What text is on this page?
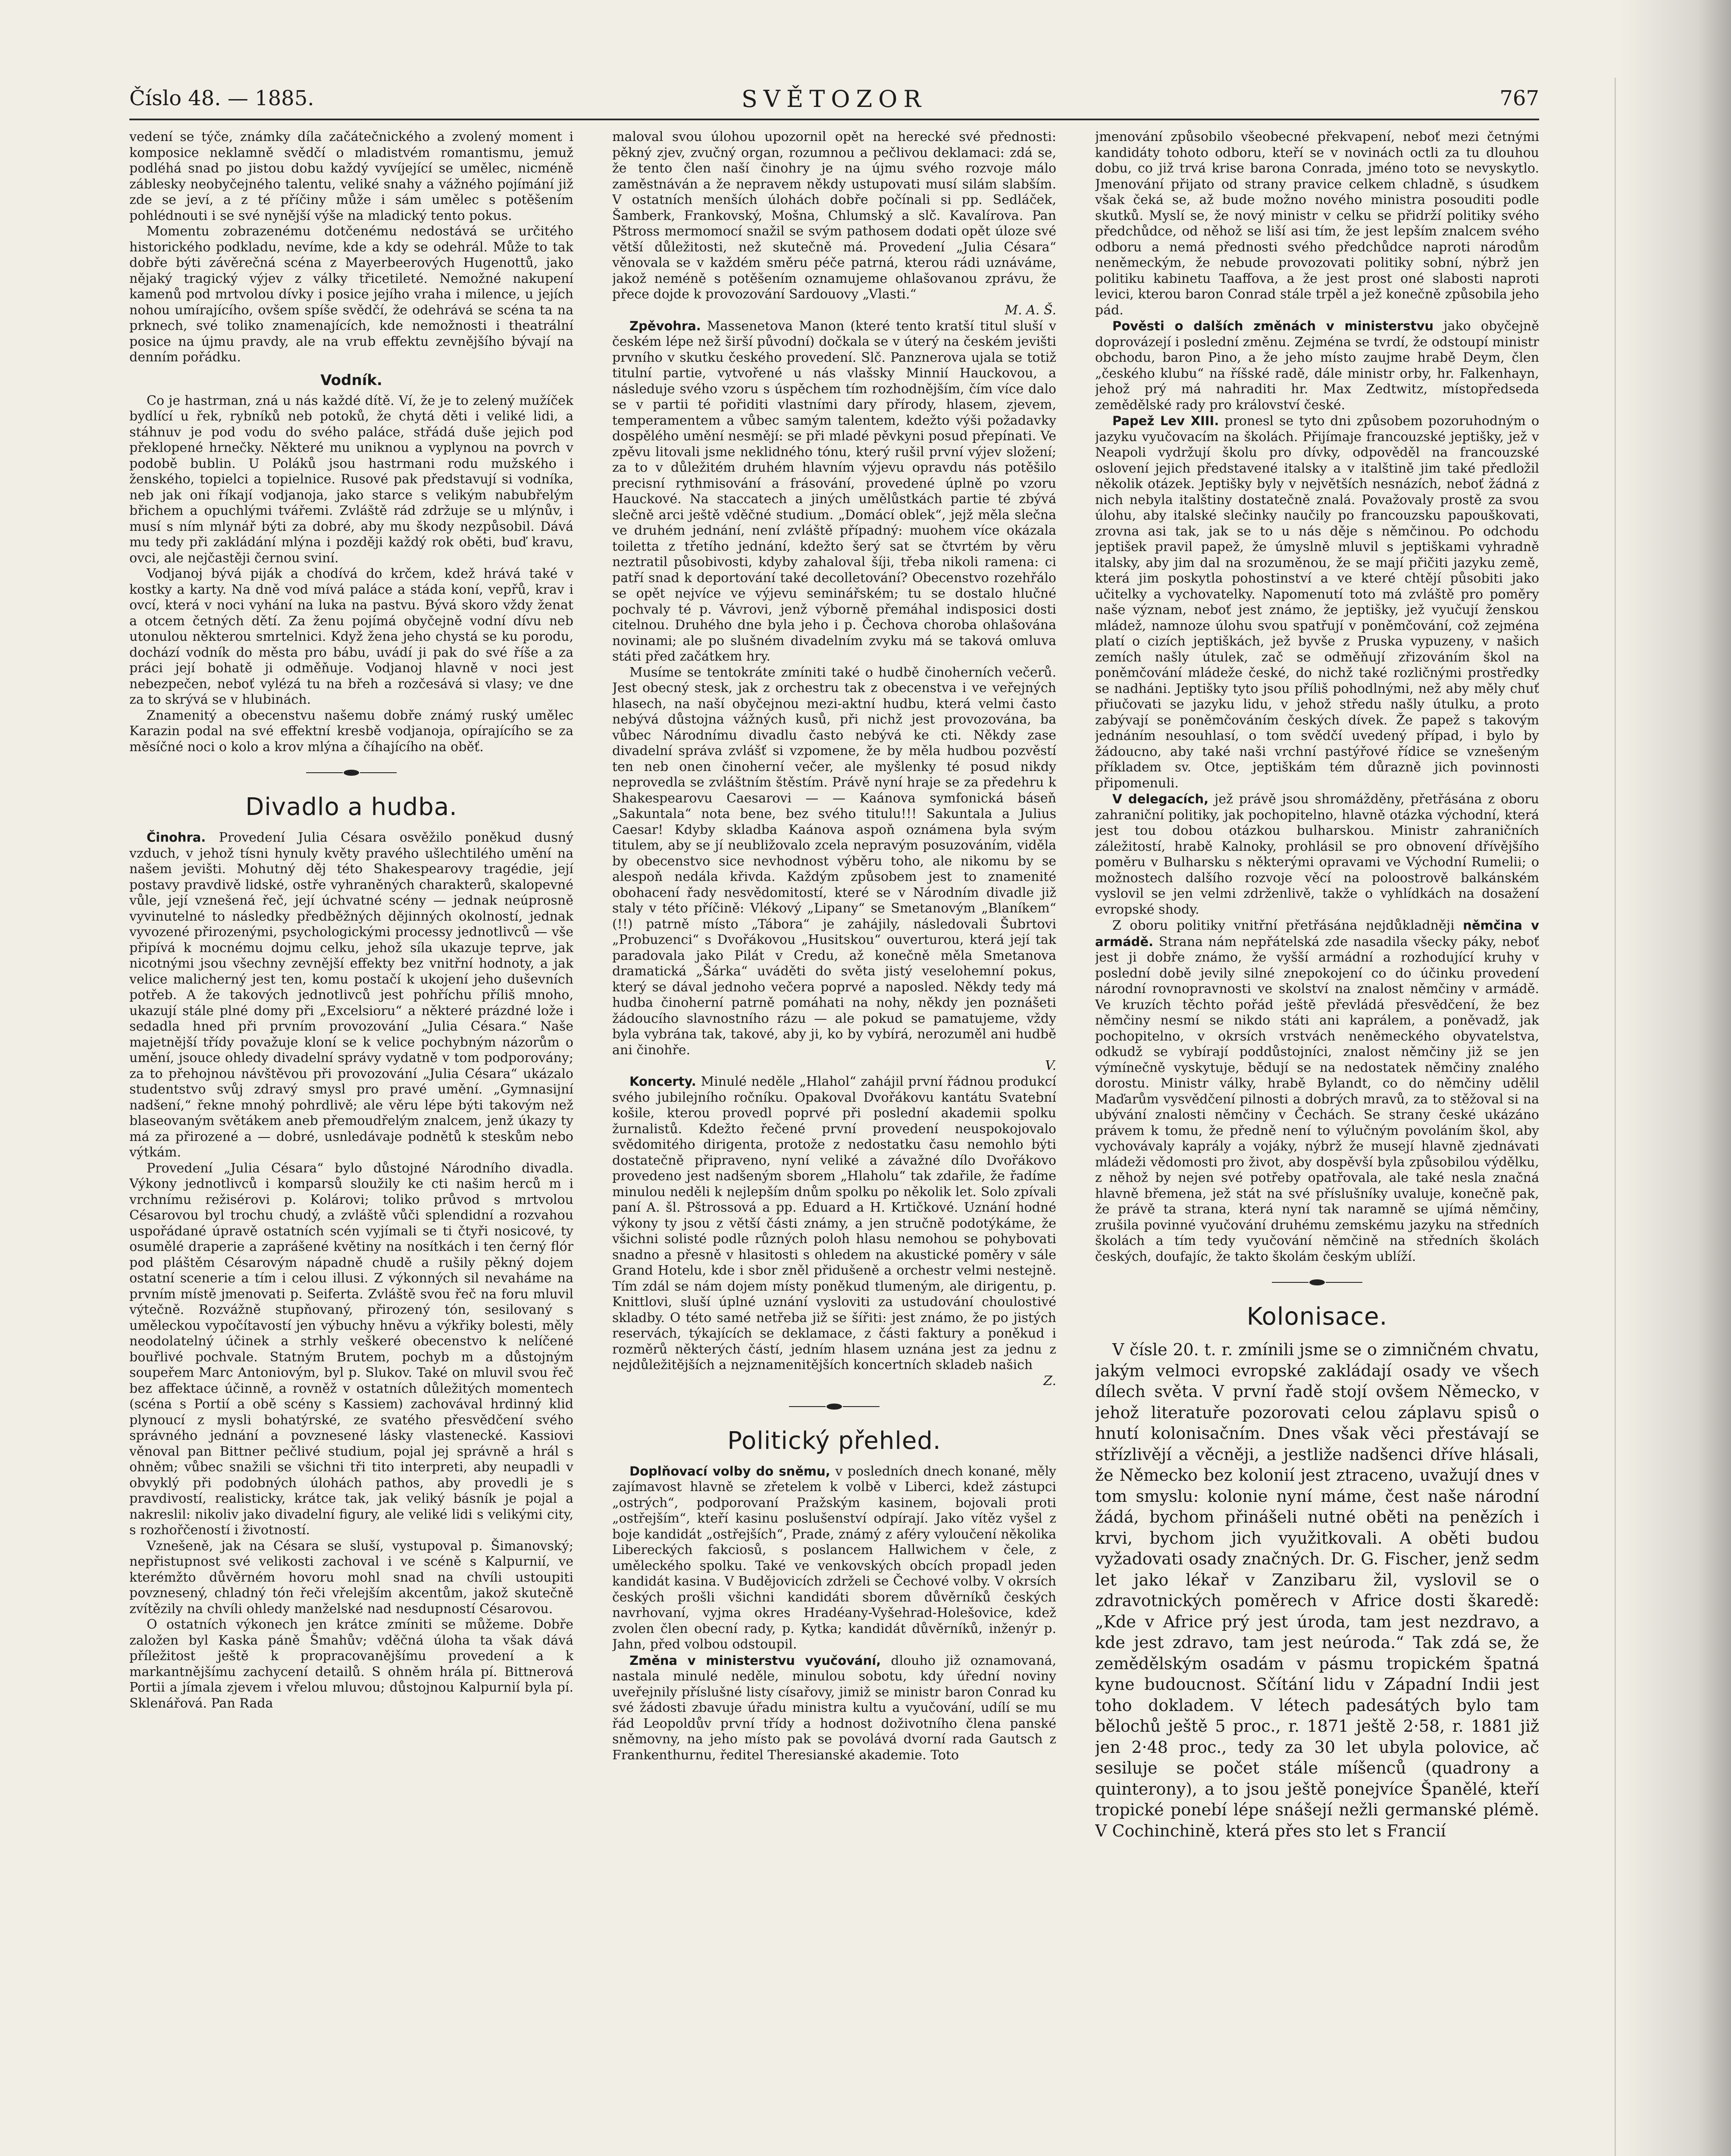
Číslo 48. — 1885.	SVĚTOZOR	767

vedení se týče, známky díla začátečnického a zvolený moment i komposice neklamně svědčí o mladistvém romantismu, jemuž podléhá snad po jistou dobu každý vyvíjející se umělec, nicméně záblesky neobyčejného talentu, veliké snahy a vážného pojímání již zde se jeví, a z té příčiny může i sám umělec s potěšením pohlédnouti i se své nynější výše na mladický tento pokus.

Momentu zobrazenému dotčenému nedostává se určitého historického podkladu, nevíme, kde a kdy se odehrál. Může to tak dobře býti závěrečná scéna z Mayerbeerových Hugenottů, jako nějaký tragický výjev z války třicetileté. Nemožné nakupení kamenů pod mrtvolou dívky i posice jejího vraha i milence, u jejích nohou umírajícího, ovšem spíše svědčí, že odehrává se scéna ta na prknech, své toliko znamenajících, kde nemožnosti i theatrální posice na újmu pravdy, ale na vrub effektu zevnějšího bývají na denním pořádku.

Vodník.

Co je hastrman, zná u nás každé dítě. Ví, že je to zelený mužíček bydlící u řek, rybníků neb potoků, že chytá děti i veliké lidi, a stáhnuv je pod vodu do svého paláce, střádá duše jejich pod překlopené hrnečky. Některé mu uniknou a vyplynou na povrch v podobě bublin. U Poláků jsou hastrmani rodu mužského i ženského, topielci a topielnice. Rusové pak představují si vodníka, neb jak oni říkají vodjanoja, jako starce s velikým nabubřelým břichem a opuchlými tvářemi. Zvláště rád zdržuje se u mlýnův, i musí s ním mlynář býti za dobré, aby mu škody nezpůsobil. Dává mu tedy při zakládání mlýna i později každý rok oběti, buď kravu, ovci, ale nejčastěji černou sviní.

Vodjanoj bývá piják a chodívá do krčem, kdež hrává také v kostky a karty. Na dně vod mívá paláce a stáda koní, vepřů, krav i ovcí, která v noci vyhání na luka na pastvu. Bývá skoro vždy ženat a otcem četných dětí. Za ženu pojímá obyčejně vodní dívu neb utonulou některou smrtelnici. Když žena jeho chystá se ku porodu, dochází vodník do města pro bábu, uvádí ji pak do své říše a za práci její bohatě ji odměňuje. Vodjanoj hlavně v noci jest nebezpečen, neboť vylézá tu na břeh a rozčesává si vlasy; ve dne za to skrývá se v hlubinách.

Znamenitý a obecenstvu našemu dobře známý ruský umělec Karazin podal na své effektní kresbě vodjanoja, opírajícího se za měsíčné noci o kolo a krov mlýna a číhajícího na oběť.

Divadlo a hudba.

Činohra. Provedení Julia Césara osvěžilo poněkud dusný vzduch, v jehož tísni hynuly květy pravého ušlechtilého umění na našem jevišti. Mohutný děj této Shakespearovy tragédie, její postavy pravdivě lidské, ostře vyhraněných charakterů, skalopevné vůle, její vznešená řeč, její úchvatné scény — jednak neúprosně vyvinutelné to následky předběžných dějinných okolností, jednak vyvozené přirozenými, psychologickými processy jednotlivců — vše připívá k mocnému dojmu celku, jehož síla ukazuje teprve, jak nicotnými jsou všechny zevnější effekty bez vnitřní hodnoty, a jak velice malicherný jest ten, komu postačí k ukojení jeho duševních potřeb. A že takových jednotlivců jest pohříchu příliš mnoho, ukazují stále plné domy při „Excelsioru“ a některé prázdné lože i sedadla hned při prvním provozování „Julia Césara.“ Naše majetnější třídy považuje kloní se k velice pochybným názorům o umění, jsouce ohledy divadelní správy vydatně v tom podporovány; za to přehojnou návštěvou při provozování „Julia Césara“ ukázalo studentstvo svůj zdravý smysl pro pravé umění. „Gymnasijní nadšení,“ řekne mnohý pohrdlivě; ale věru lépe býti takovým než blaseovaným světákem aneb přemoudřelým znalcem, jenž úkazy ty má za přirozené a — dobré, usnledávaje podnětů k steskům nebo výtkám.

Provedení „Julia Césara“ bylo důstojné Národního divadla. Výkony jednotlivců i komparsů sloužily ke cti našim herců m i vrchnímu režisérovi p. Kolárovi; toliko průvod s mrtvolou Césarovou byl trochu chudý, a zvláště vůči splendidní a rozvahou uspořádané úpravě ostatních scén vyjímali se ti čtyři nosicové, ty osumělé draperie a zaprášené květiny na nosítkách i ten černý flór pod pláštěm Césarovým nápadně chudě a rušily pěkný dojem ostatní scenerie a tím i celou illusi. Z výkonných sil nevaháme na prvním místě jmenovati p. Seiferta. Zvláště svou řeč na foru mluvil výtečně. Rozvážně stupňovaný, přirozený tón, sesilovaný s uměleckou vypočítavostí jen výbuchy hněvu a výkřiky bolesti, měly neodolatelný účinek a strhly veškeré obecenstvo k nelíčené bouřlivé pochvale. Statným Brutem, pochyb m a důstojným soupeřem Marc Antoniovým, byl p. Slukov. Také on mluvil svou řeč bez affektace účinně, a rovněž v ostatních důležitých momentech (scéna s Portií a obě scény s Kassiem) zachovával hrdinný klid plynoucí z mysli bohatýrské, ze svatého přesvědčení svého správného jednání a povznesené lásky vlastenecké. Kassiovi věnoval pan Bittner pečlivé studium, pojal jej správně a hrál s ohněm; vůbec snažili se všichni tři tito interpreti, aby neupadli v obvyklý při podobných úlohách pathos, aby provedli je s pravdivostí, realisticky, krátce tak, jak veliký básník je pojal a nakreslil: nikoliv jako divadelní figury, ale veliké lidi s velikými city, s rozhořčeností i životností.

Vznešeně, jak na Césara se sluší, vystupoval p. Šimanovský; nepřistupnost své velikosti zachoval i ve scéně s Kalpurnií, ve kterémžto důvěrném hovoru mohl snad na chvíli ustoupiti povznesený, chladný tón řeči vřelejším akcentům, jakož skutečně zvítězily na chvíli ohledy manželské nad nesdupností Césarovou.

O ostatních výkonech jen krátce zmíniti se můžeme. Dobře založen byl Kaska páně Šmahův; vděčná úloha ta však dává příležitost ještě k propracovanějšímu provedení a k markantnějšímu zachycení detailů. S ohněm hrála pí. Bittnerová Portii a jímala zjevem i vřelou mluvou; důstojnou Kalpurnií byla pí. Sklenářová. Pan Rada

maloval svou úlohou upozornil opět na herecké své přednosti: pěkný zjev, zvučný organ, rozumnou a pečlivou deklamaci: zdá se, že tento člen naší činohry je na újmu svého rozvoje málo zaměstnáván a že nepravem někdy ustupovati musí silám slabším. V ostatních menších úlohách dobře počínali si pp. Sedláček, Šamberk, Frankovský, Mošna, Chlumský a slč. Kavalírova. Pan Pštross mermomocí snažil se svým pathosem dodati opět úloze své větší důležitosti, než skutečně má. Provedení „Julia Césara“ věnovala se v každém směru péče patrná, kterou rádi uznáváme, jakož neméně s potěšením oznamujeme ohlašovanou zprávu, že přece dojde k provozování Sardouovy „Vlasti.“

M. A. Š.

Zpěvohra. Massenetova Manon (které tento kratší titul sluší v českém lépe než širší původní) dočkala se v úterý na českém jevišti prvního v skutku českého provedení. Slč. Panznerova ujala se totiž titulní partie, vytvořené u nás vlašsky Minnií Hauckovou, a následuje svého vzoru s úspěchem tím rozhodnějším, čím více dalo se v partii té pořiditi vlastními dary přírody, hlasem, zjevem, temperamentem a vůbec samým talentem, kdežto výši požadavky dospělého umění nesmějí: se při mladé pěvkyni posud přepínati. Ve zpěvu litovali jsme neklidného tónu, který rušil první výjev složení; za to v důležitém druhém hlavním výjevu opravdu nás potěšilo precisní rythmisování a frásování, provedené úplně po vzoru Hauckové. Na staccatech a jiných umělůstkách partie té zbývá slečně arci ještě vděčné studium. „Domácí oblek“, jejž měla slečna ve druhém jednání, není zvláště případný: muohem více okázala toiletta z třetího jednání, kdežto šerý sat se čtvrtém by věru neztratil působivosti, kdyby zahaloval šíji, třeba nikoli ramena: ci patří snad k deportování také decolletování? Obecenstvo rozehřálo se opět nejvíce ve výjevu seminářském; tu se dostalo hlučné pochvaly té p. Vávrovi, jenž výborně přemáhal indisposici dosti citelnou. Druhého dne byla jeho i p. Čechova choroba ohlašována novinami; ale po slušném divadelním zvyku má se taková omluva státi před začátkem hry.

Musíme se tentokráte zmíniti také o hudbě činoherních večerů. Jest obecný stesk, jak z orchestru tak z obecenstva i ve veřejných hlasech, na naší obyčejnou mezi-aktní hudbu, která velmi často nebývá důstojna vážných kusů, při nichž jest provozována, ba vůbec Národnímu divadlu často nebývá ke cti. Někdy zase divadelní správa zvlášť si vzpomene, že by měla hudbou pozvěstí ten neb onen činoherní večer, ale myšlenky té posud nikdy neprovedla se zvláštním štěstím. Právě nyní hraje se za předehru k Shakespearovu Caesarovi — — Kaánova symfonická báseň „Sakuntala“ nota bene, bez svého titulu!!! Sakuntala a Julius Caesar! Kdyby skladba Kaánova aspoň oznámena byla svým titulem, aby se jí neubližovalo zcela nepravým posuzováním, viděla by obecenstvo sice nevhodnost výběru toho, ale nikomu by se alespoň nedála křivda. Každým způsobem jest to znamenité obohacení řady nesvědomitostí, které se v Národním divadle již staly v této příčině: Vlékový „Lipany“ se Smetanovým „Blaníkem“ (!!) patrně místo „Tábora“ je zahájily, následovali Šubrtovi „Probuzenci“ s Dvořákovou „Husitskou“ ouverturou, která její tak paradovala jako Pilát v Credu, až konečně měla Smetanova dramatická „Šárka“ uváděti do světa jistý veselohemní pokus, který se dával jednoho večera poprvé a naposled. Někdy tedy má hudba činoherní patrně pomáhati na nohy, někdy jen poznášeti žádoucího slavnostního rázu — ale pokud se pamatujeme, vždy byla vybrána tak, takové, aby ji, ko by vybírá, nerozuměl ani hudbě ani činohře.

V.

Koncerty. Minulé neděle „Hlahol“ zahájil první řádnou produkcí svého jubilejního ročníku. Opakoval Dvořákovu kantátu Svatební košile, kterou provedl poprvé při poslední akademii spolku žurnalistů. Kdežto řečené první provedení neuspokojovalo svědomitého dirigenta, protože z nedostatku času nemohlo býti dostatečně připraveno, nyní veliké a závažné dílo Dvořákovo provedeno jest nadšeným sborem „Hlaholu“ tak zdařile, že řadíme minulou neděli k nejlepším dnům spolku po několik let. Solo zpívali paní A. šl. Pštrossová a pp. Eduard a H. Krtičkové. Uznání hodné výkony ty jsou z větší části známy, a jen stručně podotýkáme, že všichni solisté podle různých poloh hlasu nemohou se pohybovati snadno a přesně v hlasitosti s ohledem na akustické poměry v sále Grand Hotelu, kde i sbor zněl přidušeně a orchestr velmi nestejně. Tím zdál se nám dojem místy poněkud tlumeným, ale dirigentu, p. Knittlovi, sluší úplné uznání vysloviti za ustudování choulostivé skladby. O této samé netřeba již se šířiti: jest známo, že po jistých reservách, týkajících se deklamace, z části faktury a poněkud i rozměrů některých částí, jedním hlasem uznána jest za jednu z nejdůležitějších a nejznamenitějších koncertních skladeb našich

Z.

Politický přehled.

Doplňovací volby do sněmu, v posledních dnech konané, měly zajímavost hlavně se zřetelem k volbě v Liberci, kdež zástupci „ostrých“, podporovaní Pražským kasinem, bojovali proti „ostřejším“, kteří kasinu poslušenství odpírají. Jako vítěz vyšel z boje kandidát „ostřejších“, Prade, známý z aféry vyloučení několika Libereckých fakciosů, s poslancem Hallwichem v čele, z uměleckého spolku. Také ve venkovských obcích propadl jeden kandidát kasina. V Budějovicích zdrželi se Čechové volby. V okrsích českých prošli všichni kandidáti sborem důvěrníků českých navrhovaní, vyjma okres Hradéany-Vyšehrad-Holešovice, kdež zvolen člen obecní rady, p. Kytka; kandidát důvěrníků, inženýr p. Jahn, před volbou odstoupil.

Změna v ministerstvu vyučování, dlouho již oznamovaná, nastala minulé neděle, minulou sobotu, kdy úřední noviny uveřejnily příslušné listy císařovy, jimiž se ministr baron Conrad ku své žádosti zbavuje úřadu ministra kultu a vyučování, udílí se mu řád Leopoldův první třídy a hodnost doživotního člena panské sněmovny, na jeho místo pak se povolává dvorní rada Gautsch z Frankenthurnu, ředitel Theresianské akademie. Toto

jmenování způsobilo všeobecné překvapení, neboť mezi četnými kandidáty tohoto odboru, kteří se v novinách octli za tu dlouhou dobu, co již trvá krise barona Conrada, jméno toto se nevyskytlo. Jmenování přijato od strany pravice celkem chladně, s úsudkem však čeká se, až bude možno nového ministra posouditi podle skutků. Myslí se, že nový ministr v celku se přidrží politiky svého předchůdce, od něhož se liší asi tím, že jest lepším znalcem svého odboru a nemá přednosti svého předchůdce naproti národům neněmeckým, že nebude provozovati politiky sobní, nýbrž jen politiku kabinetu Taaffova, a že jest prost oné slabosti naproti levici, kterou baron Conrad stále trpěl a jež konečně způsobila jeho pád.

Pověsti o dalších změnách v ministerstvu jako obyčejně doprovázejí i poslední změnu. Zejména se tvrdí, že odstoupí ministr obchodu, baron Pino, a že jeho místo zaujme hrabě Deym, člen „českého klubu“ na říšské radě, dále ministr orby, hr. Falkenhayn, jehož prý má nahraditi hr. Max Zedtwitz, místopředseda zemědělské rady pro království české.

Papež Lev XIII. pronesl se tyto dni způsobem pozoruhodným o jazyku vyučovacím na školách. Přijímaje francouzské jeptišky, jež v Neapoli vydržují školu pro dívky, odpověděl na francouzské oslovení jejich představené italsky a v italštině jim také předložil několik otázek. Jeptišky byly v největších nesnázích, neboť žádná z nich nebyla italštiny dostatečně znalá. Považovaly prostě za svou úlohu, aby italské slečinky naučily po francouzsku papouškovati, zrovna asi tak, jak se to u nás děje s němčinou. Po odchodu jeptišek pravil papež, že úmyslně mluvil s jeptiškami vyhradně italsky, aby jim dal na srozuměnou, že se mají přičiti jazyku země, která jim poskytla pohostinství a ve které chtějí působiti jako učitelky a vychovatelky. Napomenutí toto má zvláště pro poměry naše význam, neboť jest známo, že jeptišky, jež vyučují ženskou mládež, namnoze úlohu svou spatřují v poněmčování, což zejména platí o cizích jeptiškách, jež byvše z Pruska vypuzeny, v našich zemích našly útulek, zač se odměňují zřizováním škol na poněmčování mládeže české, do nichž také rozličnými prostředky se nadháni. Jeptišky tyto jsou příliš pohodlnými, než aby měly chuť přiučovati se jazyku lidu, v jehož středu našly útulku, a proto zabývají se poněmčováním českých dívek. Že papež s takovým jednáním nesouhlasí, o tom svědčí uvedený případ, i bylo by žádoucno, aby také naši vrchní pastýřové řídice se vznešeným příkladem sv. Otce, jeptiškám tém důrazně jich povinnosti připomenuli.

V delegacích, jež právě jsou shromážděny, přetřásána z oboru zahraniční politiky, jak pochopitelno, hlavně otázka východní, která jest tou dobou otázkou bulharskou. Ministr zahraničních záležitostí, hrabě Kalnoky, prohlásil se pro obnovení dřívějšího poměru v Bulharsku s některými opravami ve Východní Rumelii; o možnostech dalšího rozvoje věcí na poloostrově balkánském vyslovil se jen velmi zdrženlivě, takže o vyhlídkách na dosažení evropské shody.

Z oboru politiky vnitřní přetřásána nejdůkladněji němčina v armádě. Strana nám nepřátelská zde nasadila všecky páky, neboť jest ji dobře známo, že vyšší armádní a rozhodující kruhy v poslední době jevily silné znepokojení co do účinku provedení národní rovnopravnosti ve skolství na znalost němčiny v armádě. Ve kruzích těchto pořád ještě převládá přesvědčení, že bez němčiny nesmí se nikdo státi ani kaprálem, a poněvadž, jak pochopitelno, v okrsích vrstvách neněmeckého obyvatelstva, odkudž se vybírají poddůstojníci, znalost němčiny již se jen výmínečně vyskytuje, bědují se na nedostatek němčiny znalého dorostu. Ministr války, hrabě Bylandt, co do němčiny udělil Maďarům vysvědčení pilnosti a dobrých mravů, za to stěžoval si na ubývání znalosti němčiny v Čechách. Se strany české ukázáno právem k tomu, že předně není to výlučným povoláním škol, aby vychovávaly kaprály a vojáky, nýbrž že musejí hlavně zjednávati mládeži vědomosti pro život, aby dospěvší byla způsobilou výdělku, z něhož by nejen své potřeby opatřovala, ale také nesla značná hlavně břemena, jež stát na své příslušníky uvaluje, konečně pak, že právě ta strana, která nyní tak naramně se ujímá němčiny, zrušila povinné vyučování druhému zemskému jazyku na středních školách a tím tedy vyučování němčině na středních školách českých, doufajíc, že takto školám českým ublíží.

Kolonisace.

V čísle 20. t. r. zmínili jsme se o zimničném chvatu, jakým velmoci evropské zakládají osady ve všech dílech světa. V první řadě stojí ovšem Německo, v jehož literatuře pozorovati celou záplavu spisů o hnutí kolonisačním. Dnes však věci přestávají se střízlivějí a věcněji, a jestliže nadšenci dříve hlásali, že Německo bez kolonií jest ztraceno, uvažují dnes v tom smyslu: kolonie nyní máme, čest naše národní žádá, bychom přinášeli nutné oběti na penězích i krvi, bychom jich využitkovali. A oběti budou vyžadovati osady značných. Dr. G. Fischer, jenž sedm let jako lékař v Zanzibaru žil, vyslovil se o zdravotnických poměrech v Africe dosti škaredě: „Kde v Africe prý jest úroda, tam jest nezdravo, a kde jest zdravo, tam jest neúroda.“ Tak zdá se, že zemědělským osadám v pásmu tropickém špatná kyne budoucnost. Sčítání lidu v Západní Indii jest toho dokladem. V létech padesátých bylo tam bělochů ještě 5 proc., r. 1871 ještě 2·58, r. 1881 již jen 2·48 proc., tedy za 30 let ubyla polovice, ač sesiluje se počet stále míšenců (quadrony a quinterony), a to jsou ještě ponejvíce Španělé, kteří tropické ponebí lépe snášejí nežli germanské plémě. V Cochinchině, která přes sto let s Francií
